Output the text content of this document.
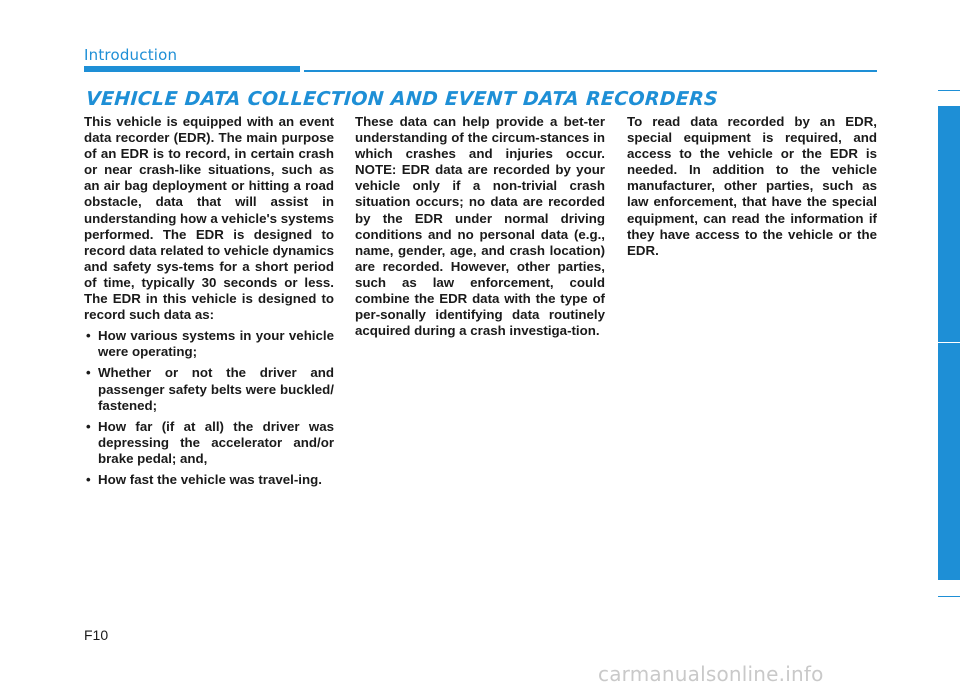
Introduction
VEHICLE DATA COLLECTION AND EVENT DATA RECORDERS

This vehicle is equipped with an event data recorder (EDR). The main purpose of an EDR is to record, in certain crash or near crash-like situations, such as an air bag deployment or hitting a road obstacle, data that will assist in understanding how a vehicle's systems performed. The EDR is designed to record data related to vehicle dynamics and safety sys-tems for a short period of time, typically 30 seconds or less. The EDR in this vehicle is designed to record such data as:

• How various systems in your vehicle were operating;
• Whether or not the driver and passenger safety belts were buckled/ fastened;
• How far (if at all) the driver was depressing the accelerator and/or brake pedal; and,
• How fast the vehicle was travel-ing.

These data can help provide a bet-ter understanding of the circum-stances in which crashes and injuries occur. NOTE: EDR data are recorded by your vehicle only if a non-trivial crash situation occurs; no data are recorded by the EDR under normal driving conditions and no personal data (e.g., name, gender, age, and crash location) are recorded. However, other parties, such as law enforcement, could combine the EDR data with the type of per-sonally identifying data routinely acquired during a crash investiga-tion.

To read data recorded by an EDR, special equipment is required, and access to the vehicle or the EDR is needed. In addition to the vehicle manufacturer, other parties, such as law enforcement, that have the special equipment, can read the information if they have access to the vehicle or the EDR.

F10
carmanualsonline.info
